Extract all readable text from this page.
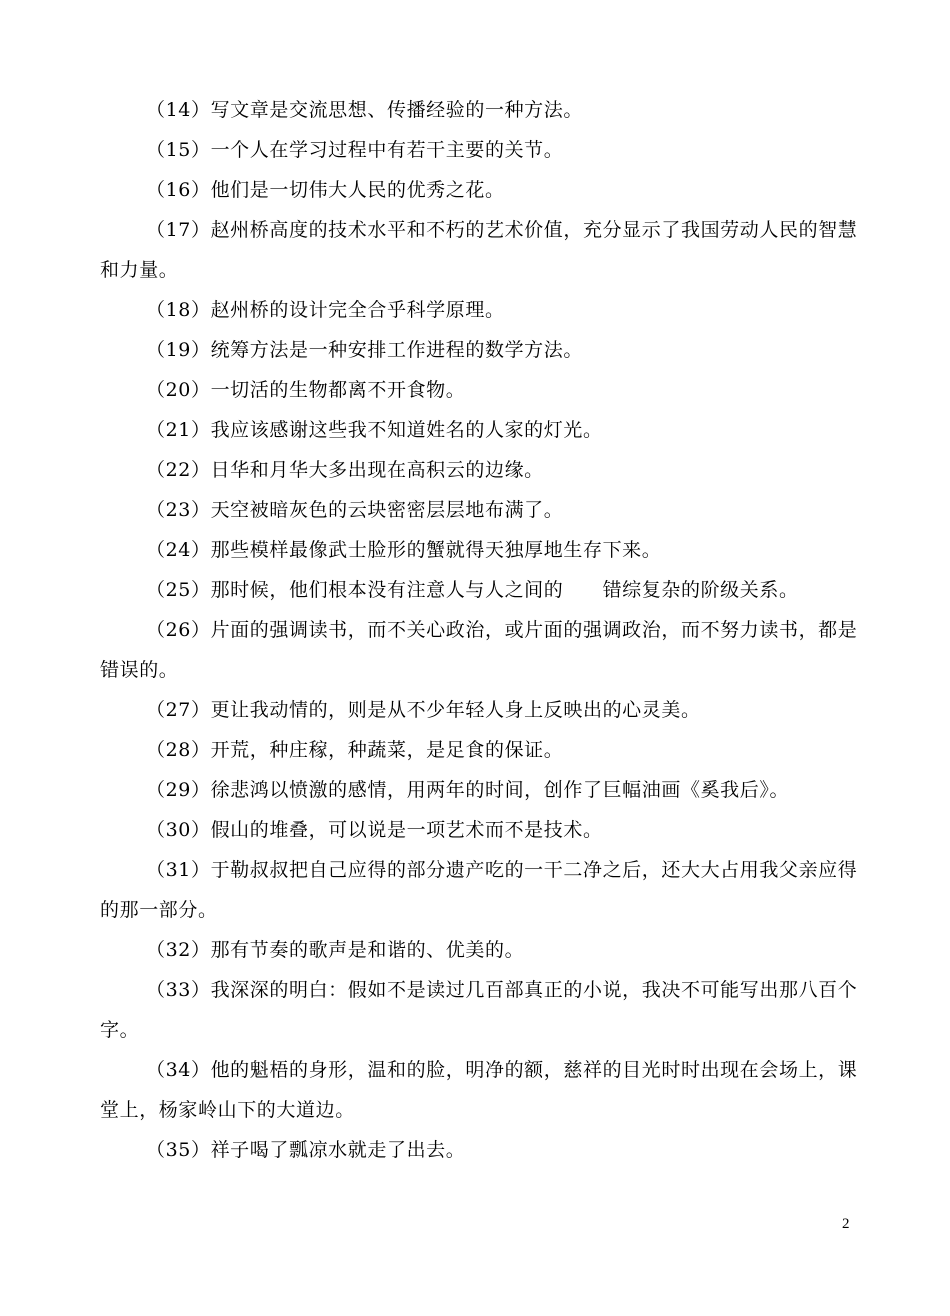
（14）写文章是交流思想、传播经验的一种方法。

（15）一个人在学习过程中有若干主要的关节。

（16）他们是一切伟大人民的优秀之花。

（17）赵州桥高度的技术水平和不朽的艺术价值，充分显示了我国劳动人民的智慧和力量。

（18）赵州桥的设计完全合乎科学原理。

（19）统筹方法是一种安排工作进程的数学方法。

（20）一切活的生物都离不开食物。

（21）我应该感谢这些我不知道姓名的人家的灯光。

（22）日华和月华大多出现在高积云的边缘。

（23）天空被暗灰色的云块密密层层地布满了。

（24）那些模样最像武士脸形的蟹就得天独厚地生存下来。

（25）那时候，他们根本没有注意人与人之间的　　错综复杂的阶级关系。

（26）片面的强调读书，而不关心政治，或片面的强调政治，而不努力读书，都是错误的。

（27）更让我动情的，则是从不少年轻人身上反映出的心灵美。

（28）开荒，种庄稼，种蔬菜，是足食的保证。

（29）徐悲鸿以愤激的感情，用两年的时间，创作了巨幅油画《奚我后》。

（30）假山的堆叠，可以说是一项艺术而不是技术。

（31）于勒叔叔把自己应得的部分遗产吃的一干二净之后，还大大占用我父亲应得的那一部分。

（32）那有节奏的歌声是和谐的、优美的。

（33）我深深的明白：假如不是读过几百部真正的小说，我决不可能写出那八百个字。

（34）他的魁梧的身形，温和的脸，明净的额，慈祥的目光时时出现在会场上，课堂上，杨家岭山下的大道边。

（35）祥子喝了瓢凉水就走了出去。

2
